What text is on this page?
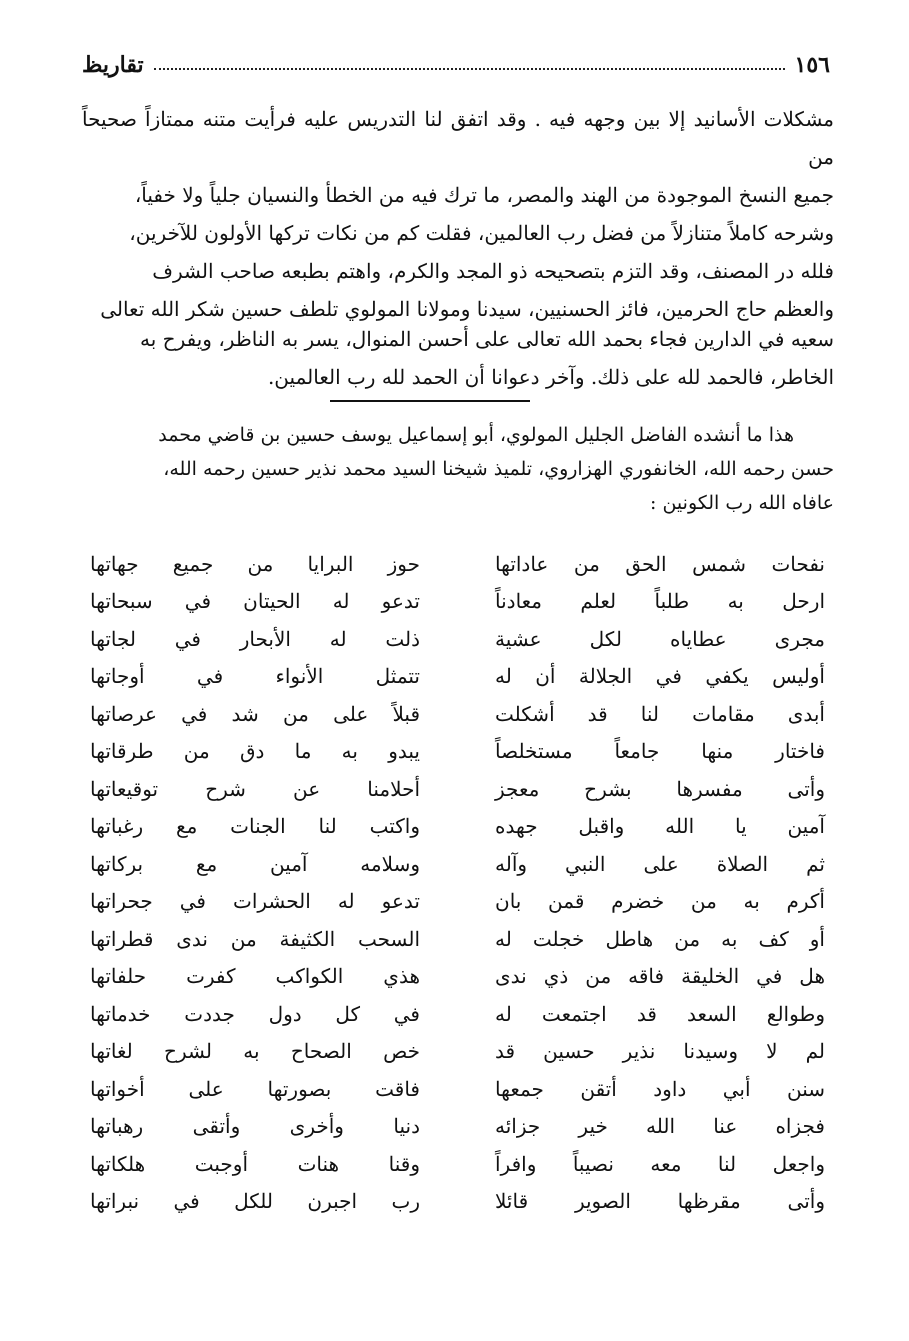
١٥٦
تقاريظ

مشكلات الأسانيد إلا بين وجهه فيه . وقد اتفق لنا التدريس عليه فرأيت متنه ممتازاً صحيحاً من

جميع النسخ الموجودة من الهند والمصر، ما ترك فيه من الخطأ والنسيان جلياً ولا خفياً،

وشرحه كاملاً متنازلاً من فضل رب العالمين، فقلت كم من نكات تركها الأولون للآخرين،

فلله در المصنف، وقد التزم بتصحيحه ذو المجد والكرم، واهتم بطبعه صاحب الشرف

والعظم حاج الحرمين، فائز الحسنيين، سيدنا ومولانا المولوي تلطف حسين شكر الله تعالى

سعيه في الدارين فجاء بحمد الله تعالى على أحسن المنوال، يسر به الناظر، ويفرح به

الخاطر، فالحمد لله على ذلك. وآخر دعوانا أن الحمد لله رب العالمين.

هذا ما أنشده الفاضل الجليل المولوي، أبو إسماعيل يوسف حسين بن قاضي محمد

حسن رحمه الله، الخانفوري الهزاروي، تلميذ شيخنا السيد محمد نذير حسين رحمه الله،

عافاه الله رب الكونين :

نفحات شمس الحق من عاداتها
حوز البرايا من جميع جهاتها
ارحل به طلباً لعلم معادناً
تدعو له الحيتان في سبحاتها
مجرى عطاياه لكل عشية
ذلت له الأبحار في لجاتها
أوليس يكفي في الجلالة أن له
تتمثل الأنواء في أوجاتها
أبدى مقامات لنا قد أشكلت
قبلاً على من شد في عرصاتها
فاختار منها جامعاً مستخلصاً
يبدو به ما دق من طرقاتها
وأتى مفسرها بشرح معجز
أحلامنا عن شرح توقيعاتها
آمين يا الله واقبل جهده
واكتب لنا الجنات مع رغباتها
ثم الصلاة على النبي وآله
وسلامه آمين مع بركاتها
أكرم به من خضرم قمن بان
تدعو له الحشرات في جحراتها
أو كف به من هاطل خجلت له
السحب الكثيفة من ندى قطراتها
هل في الخليقة فاقه من ذي ندى
هذي الكواكب كفرت حلفاتها
وطوالع السعد قد اجتمعت له
في كل دول جددت خدماتها
لم لا وسيدنا نذير حسين قد
خص الصحاح به لشرح لغاتها
سنن أبي داود أتقن جمعها
فاقت بصورتها على أخواتها
فجزاه عنا الله خير جزائه
دنيا وأخرى وأتقى رهباتها
واجعل لنا معه نصيباً وافراً
وقنا هنات أوجبت هلكاتها
وأتى مقرظها الصوير قائلا
رب اجبرن للكل في نبراتها
